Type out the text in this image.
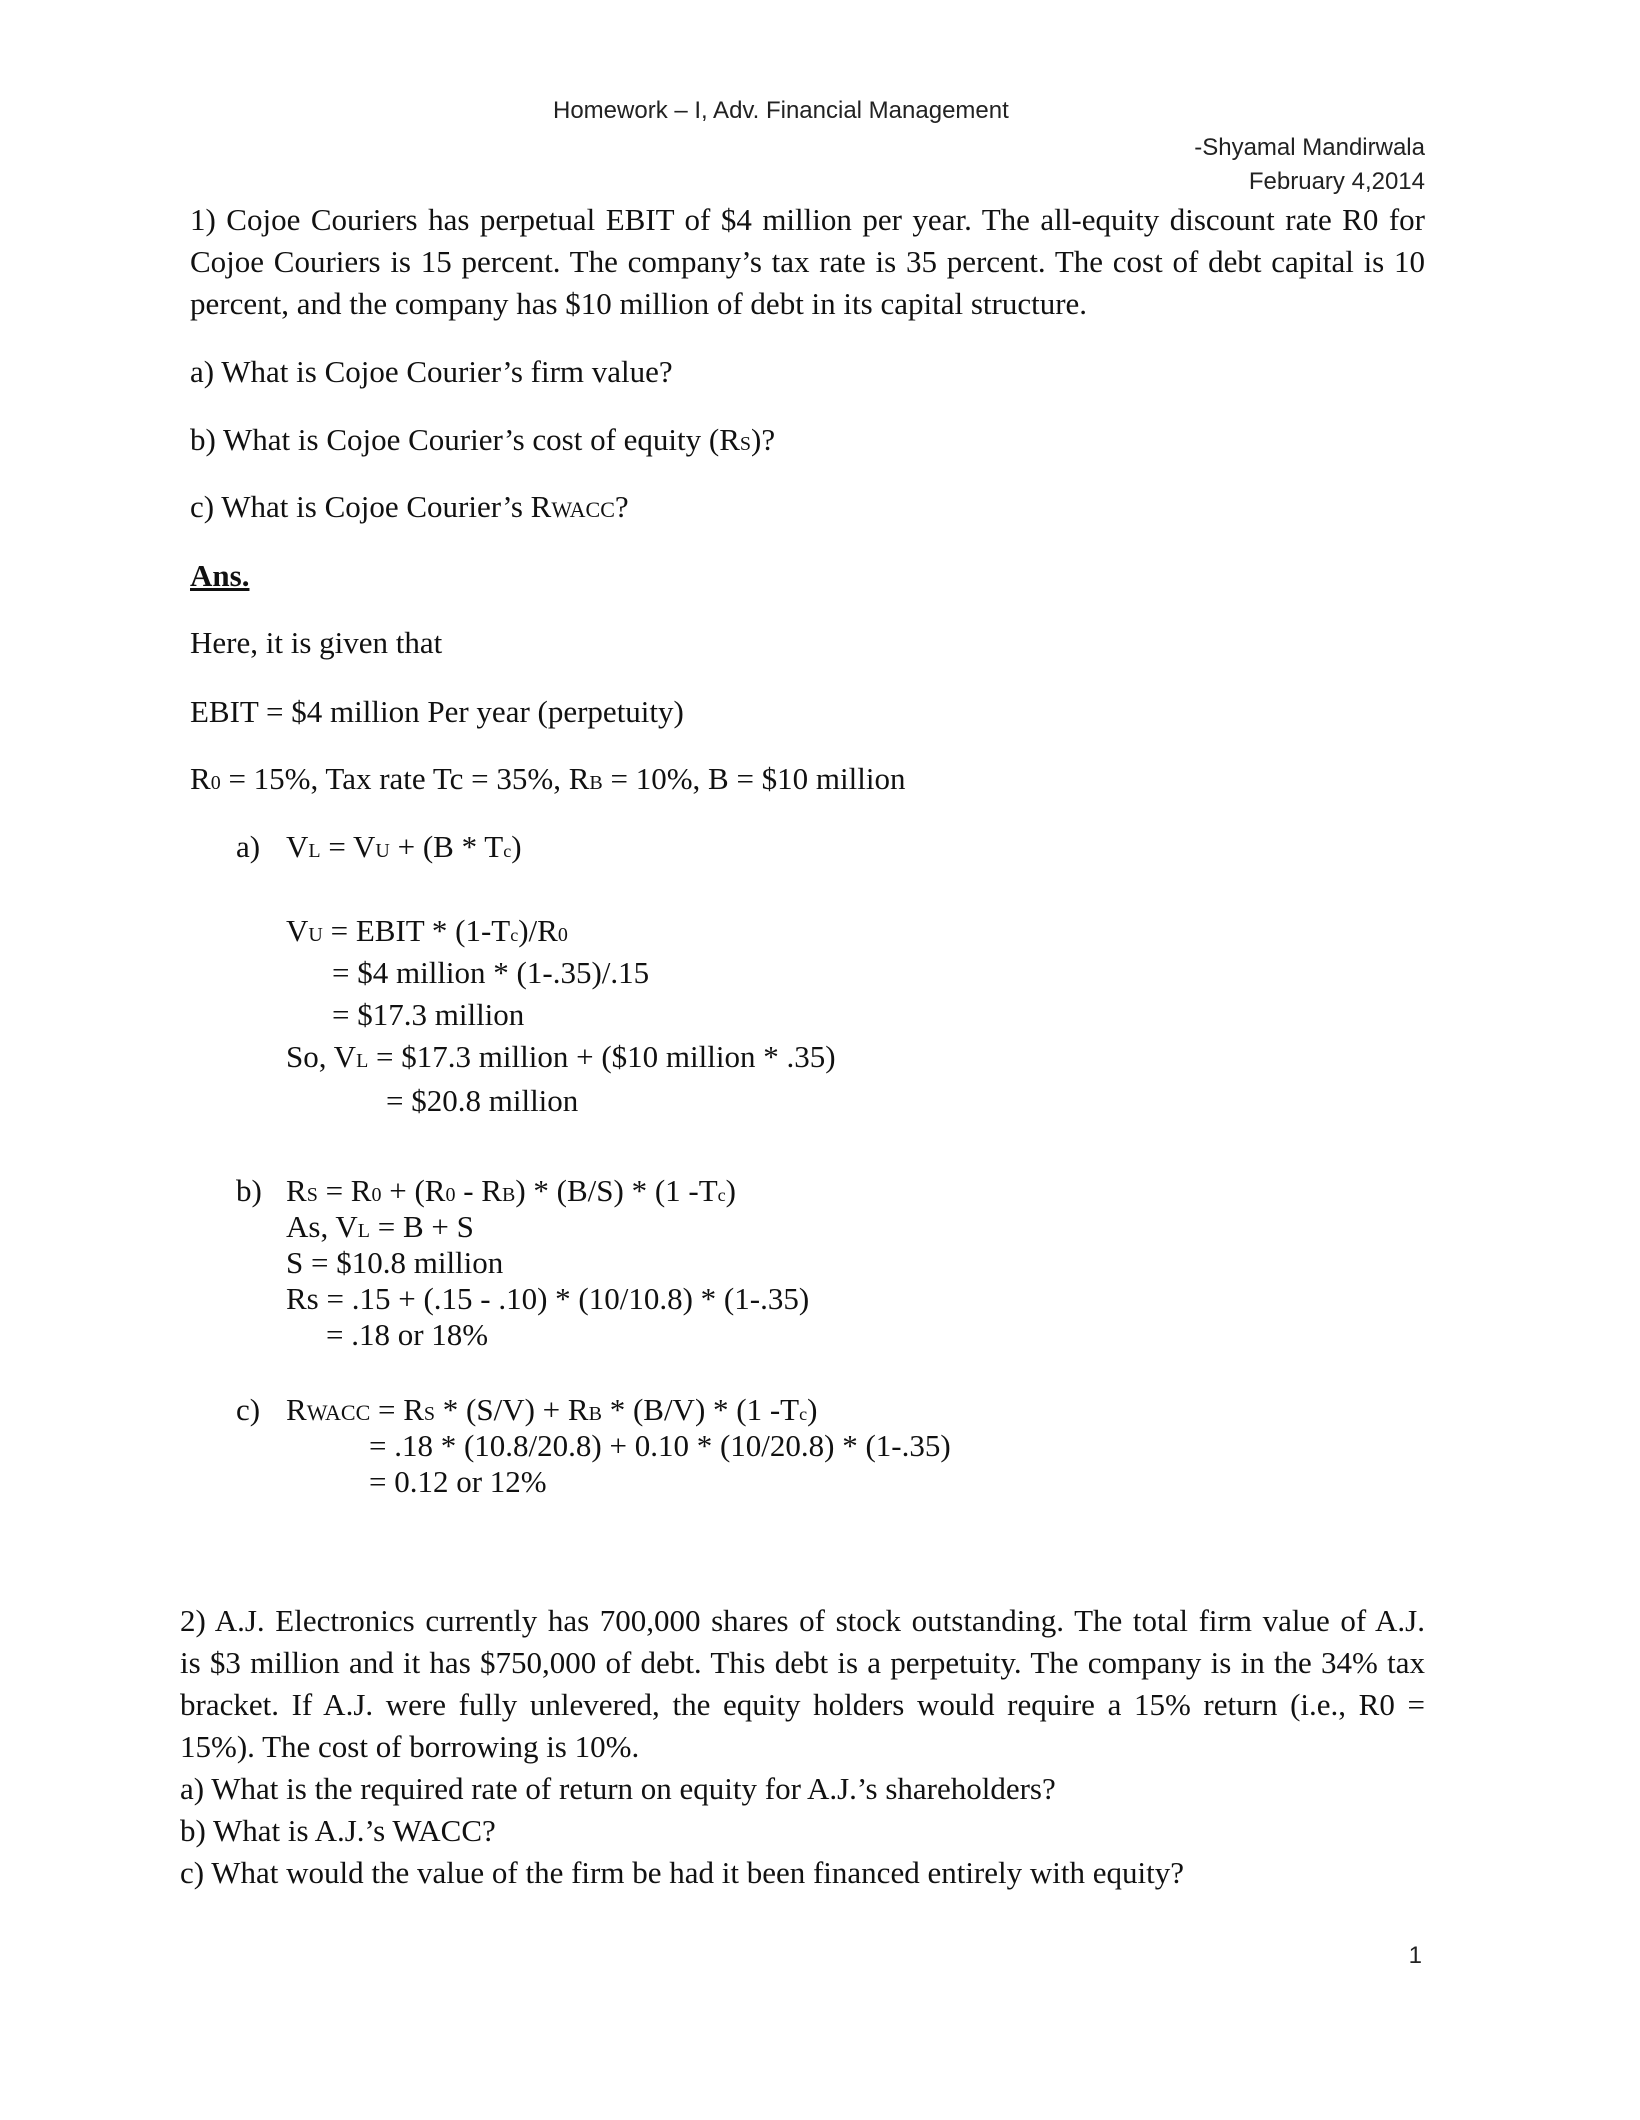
Homework – I, Adv. Financial Management
-Shyamal Mandirwala
February 4,2014
1) Cojoe Couriers has perpetual EBIT of $4 million per year. The all-equity discount rate R0 for
Cojoe Couriers is 15 percent. The company’s tax rate is 35 percent. The cost of debt capital is 10
percent, and the company has $10 million of debt in its capital structure.
a) What is Cojoe Courier’s firm value?
b) What is Cojoe Courier’s cost of equity (RS)?
c) What is Cojoe Courier’s RWACC?
Ans.
Here, it is given that
EBIT = $4 million Per year (perpetuity)
R0 = 15%, Tax rate Tc = 35%, RB = 10%, B = $10 million
a) VL = VU + (B * Tc)
VU = EBIT * (1-Tc)/R0
= $4 million * (1-.35)/.15
= $17.3 million
So, VL = $17.3 million + ($10 million * .35)
= $20.8 million
b) RS = R0 + (R0 - RB) * (B/S) * (1 -Tc)
As, VL = B + S
S = $10.8 million
Rs = .15 + (.15 - .10) * (10/10.8) * (1-.35)
= .18 or 18%
c) RWACC = RS * (S/V) + RB * (B/V) * (1 -Tc)
= .18 * (10.8/20.8) + 0.10 * (10/20.8) * (1-.35)
= 0.12 or 12%
2) A.J. Electronics currently has 700,000 shares of stock outstanding. The total firm value of A.J.
is $3 million and it has $750,000 of debt. This debt is a perpetuity. The company is in the 34% tax
bracket. If A.J. were fully unlevered, the equity holders would require a 15% return (i.e., R0 =
15%). The cost of borrowing is 10%.
a) What is the required rate of return on equity for A.J.’s shareholders?
b) What is A.J.’s WACC?
c) What would the value of the firm be had it been financed entirely with equity?
1
